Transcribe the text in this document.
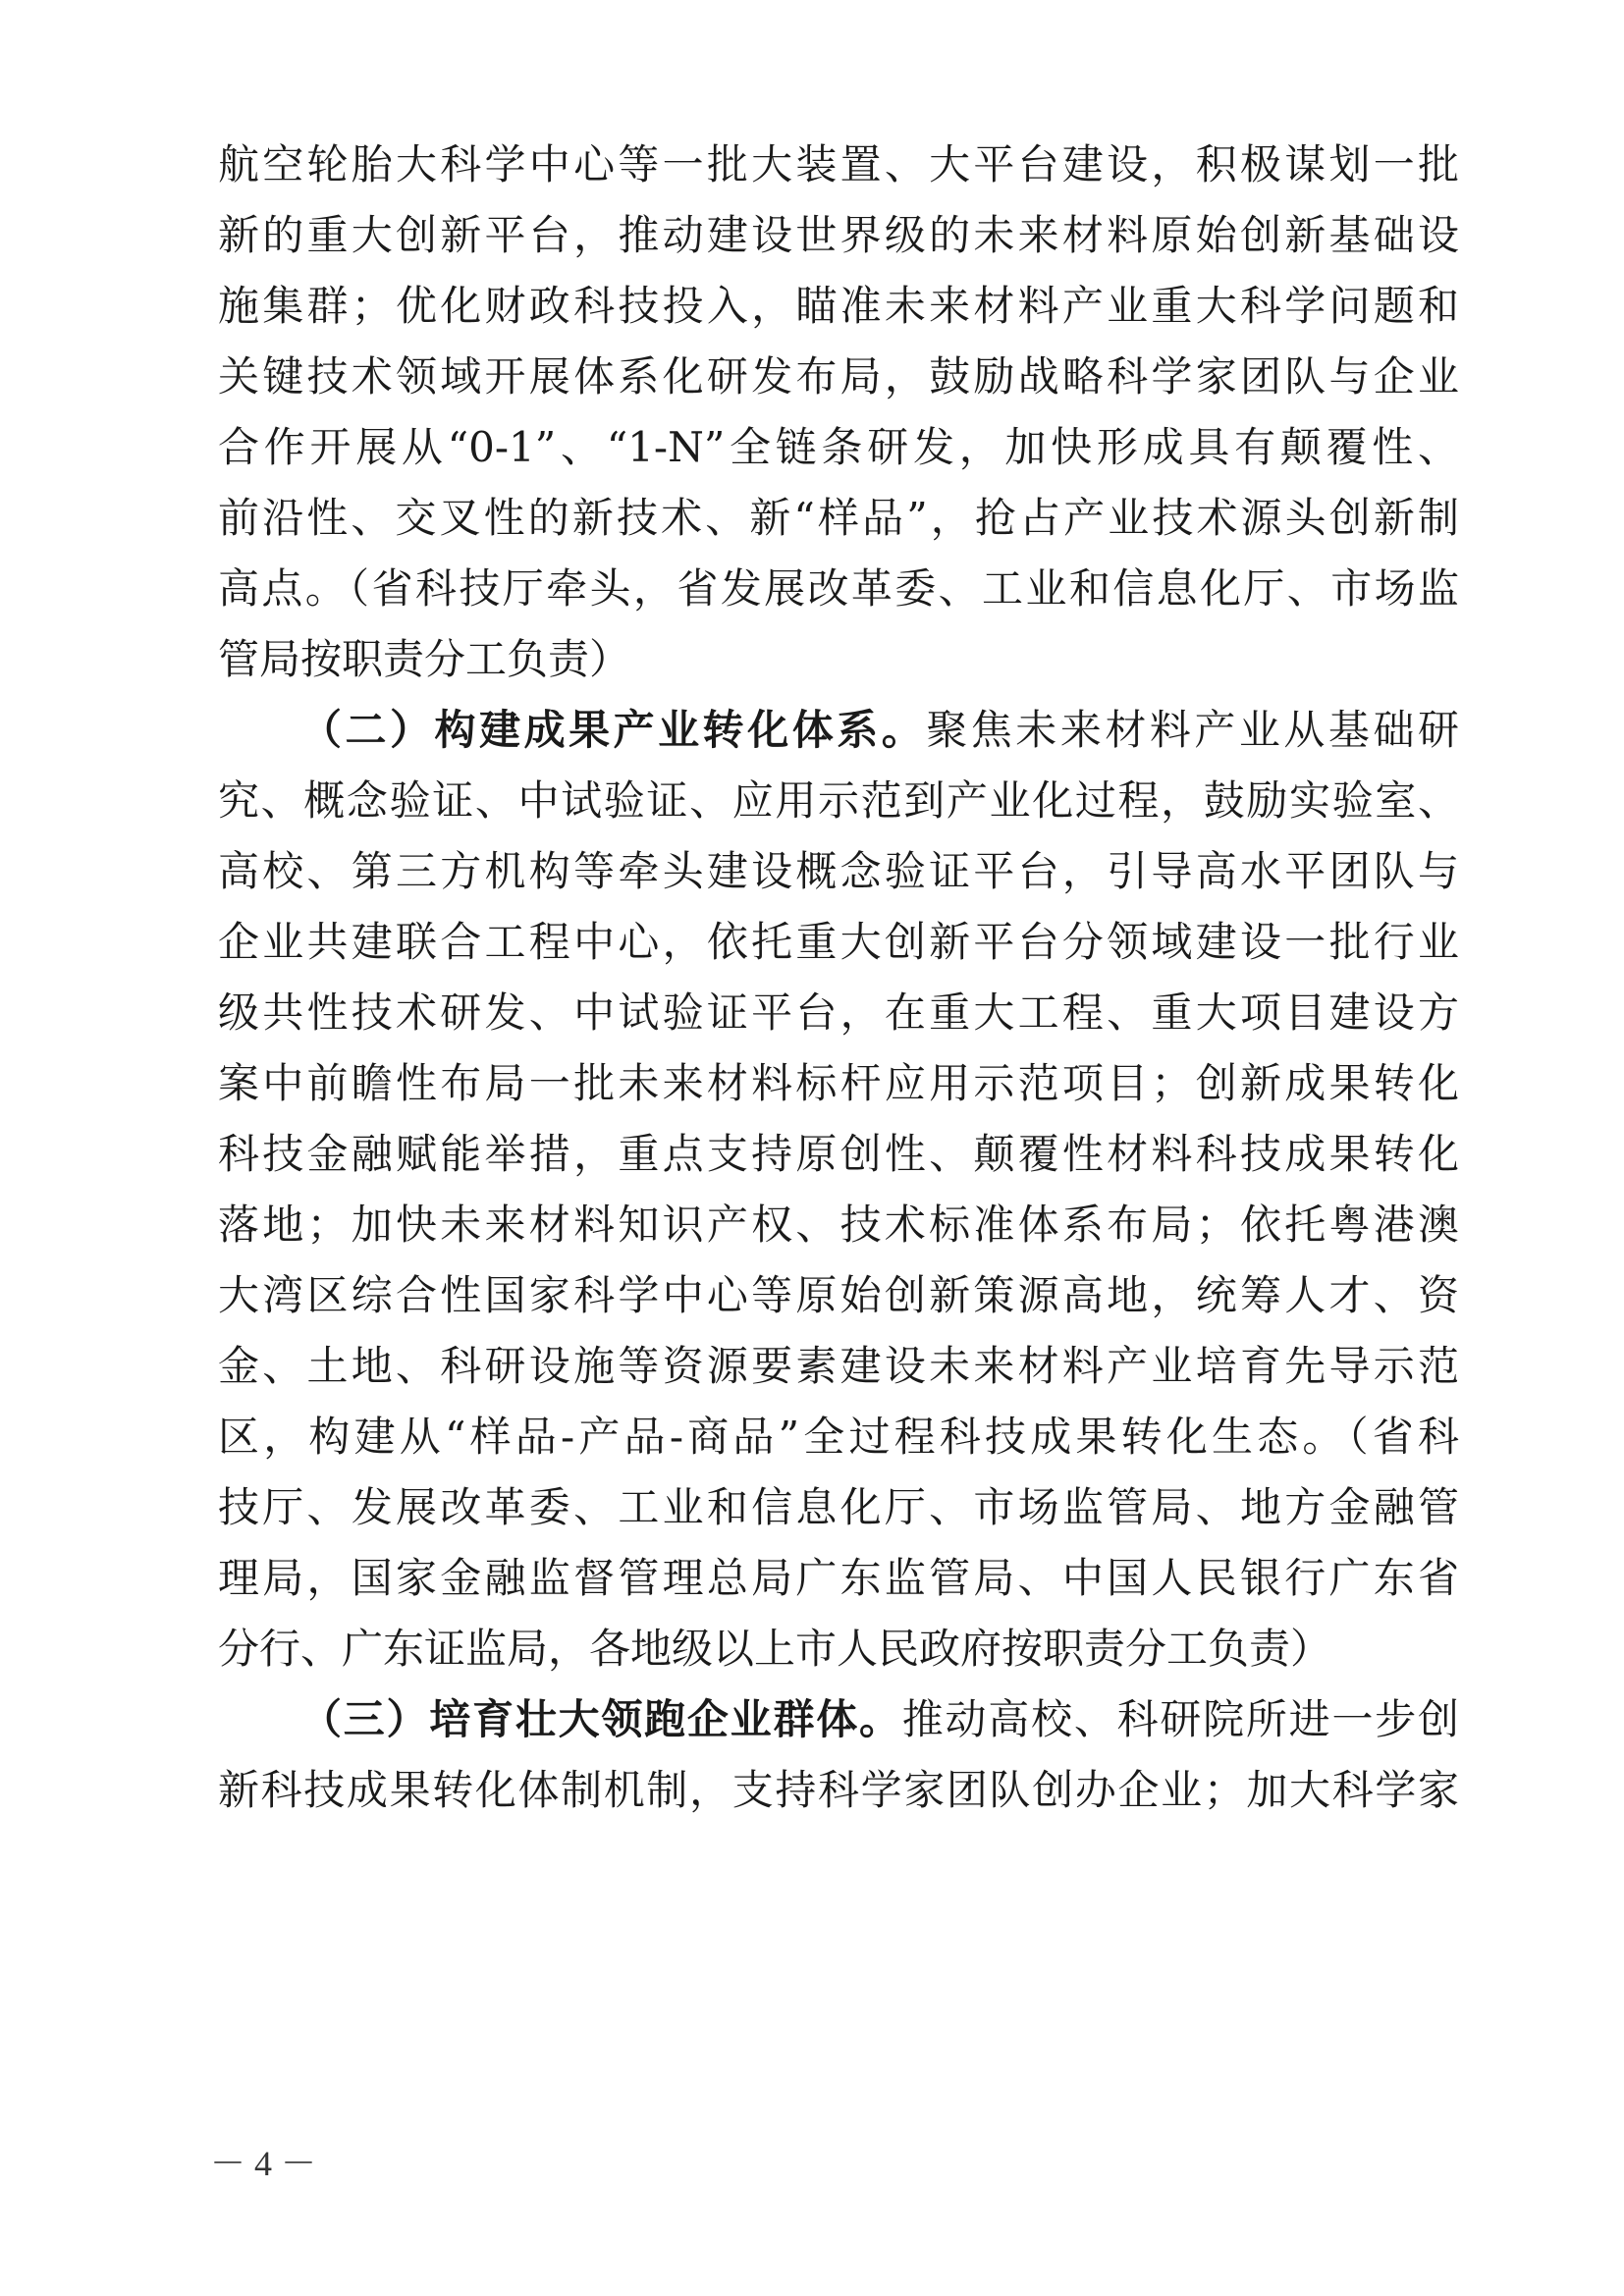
航空轮胎大科学中心等一批大装置、大平台建设，积极谋划一批
新的重大创新平台，推动建设世界级的未来材料原始创新基础设
施集群；优化财政科技投入，瞄准未来材料产业重大科学问题和
关键技术领域开展体系化研发布局，鼓励战略科学家团队与企业
合作开展从“0-1”、“1-N”全链条研发，加快形成具有颠覆性、
前沿性、交叉性的新技术、新“样品”，抢占产业技术源头创新制
高点。（省科技厅牵头，省发展改革委、工业和信息化厅、市场监
管局按职责分工负责）
（二）构建成果产业转化体系。聚焦未来材料产业从基础研
究、概念验证、中试验证、应用示范到产业化过程，鼓励实验室、
高校、第三方机构等牵头建设概念验证平台，引导高水平团队与
企业共建联合工程中心，依托重大创新平台分领域建设一批行业
级共性技术研发、中试验证平台，在重大工程、重大项目建设方
案中前瞻性布局一批未来材料标杆应用示范项目；创新成果转化
科技金融赋能举措，重点支持原创性、颠覆性材料科技成果转化
落地；加快未来材料知识产权、技术标准体系布局；依托粤港澳
大湾区综合性国家科学中心等原始创新策源高地，统筹人才、资
金、土地、科研设施等资源要素建设未来材料产业培育先导示范
区，构建从“样品-产品-商品”全过程科技成果转化生态。（省科
技厅、发展改革委、工业和信息化厅、市场监管局、地方金融管
理局，国家金融监督管理总局广东监管局、中国人民银行广东省
分行、广东证监局，各地级以上市人民政府按职责分工负责）
（三）培育壮大领跑企业群体。推动高校、科研院所进一步创
新科技成果转化体制机制，支持科学家团队创办企业；加大科学家
－ 4 －
